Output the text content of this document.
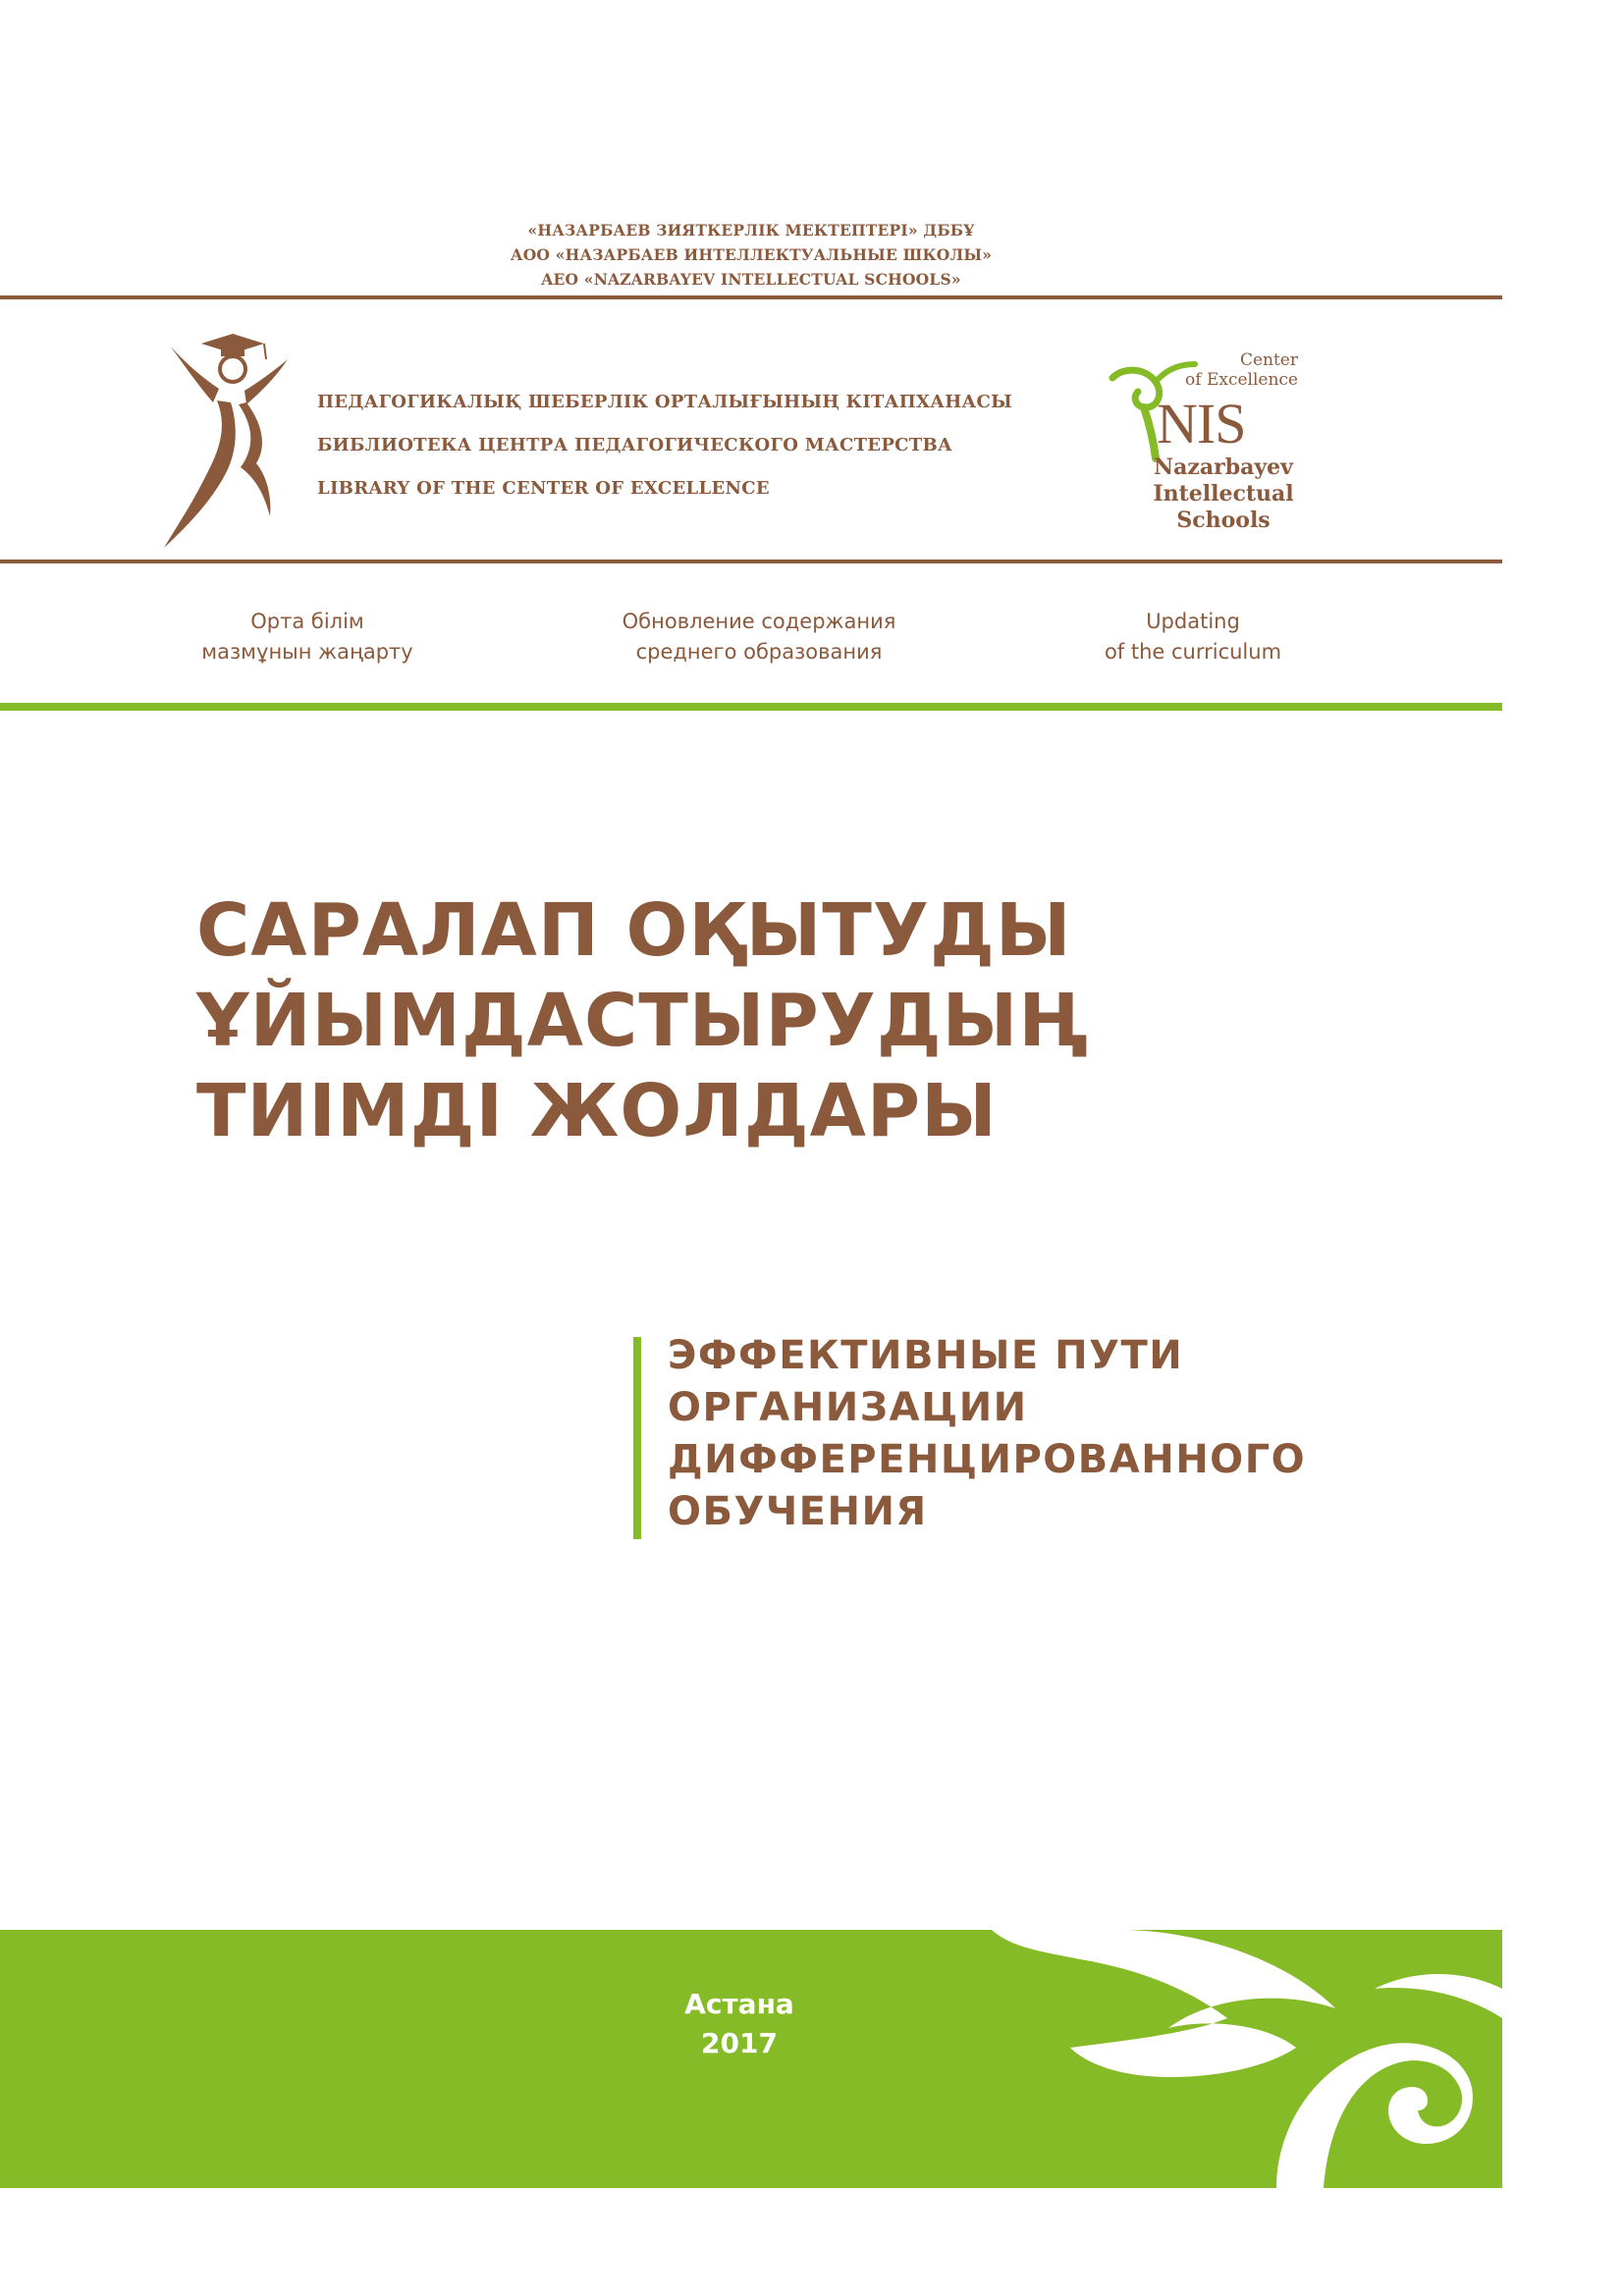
«НАЗАРБАЕВ ЗИЯТКЕРЛІК МЕКТЕПТЕРІ» ДББҰ
АОО «НАЗАРБАЕВ ИНТЕЛЛЕКТУАЛЬНЫЕ ШКОЛЫ»
AEO «NAZARBAYEV INTELLECTUAL SCHOOLS»
ПЕДАГОГИКАЛЫҚ ШЕБЕРЛІК ОРТАЛЫҒЫНЫҢ КІТАПХАНАСЫ
БИБЛИОТЕКА ЦЕНТРА ПЕДАГОГИЧЕСКОГО МАСТЕРСТВА
LIBRARY OF THE CENTER OF EXCELLENCE
Center
of Excellence
NIS
Nazarbayev
Intellectual
Schools
Орта білім
мазмұнын жаңарту
Обновление содержания
среднего образования
Updating
of the curriculum
САРАЛАП ОҚЫТУДЫ
ҰЙЫМДАСТЫРУДЫҢ
ТИІМДІ ЖОЛДАРЫ
ЭФФЕКТИВНЫЕ ПУТИ
ОРГАНИЗАЦИИ
ДИФФЕРЕНЦИРОВАННОГО
ОБУЧЕНИЯ
Астана
2017
